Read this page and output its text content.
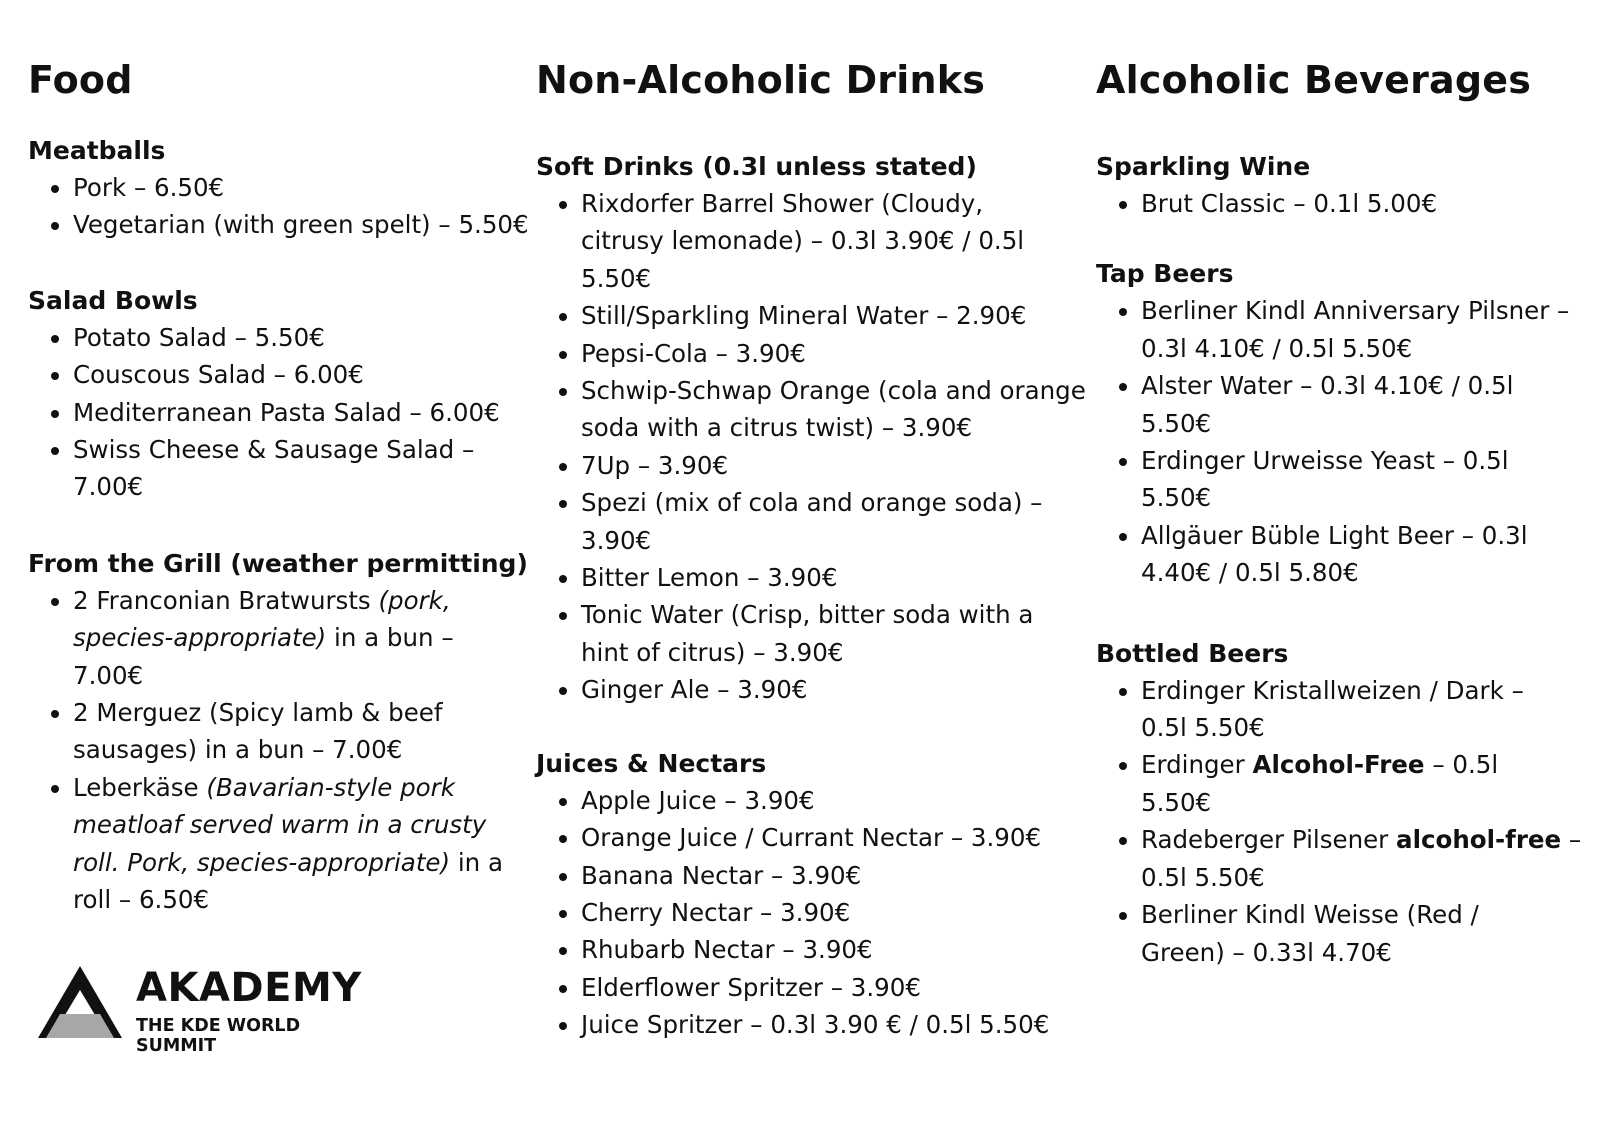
Food
Meatballs
• Pork – 6.50€
• Vegetarian (with green spelt) – 5.50€
Salad Bowls
• Potato Salad – 5.50€
• Couscous Salad – 6.00€
• Mediterranean Pasta Salad – 6.00€
• Swiss Cheese & Sausage Salad – 7.00€
From the Grill (weather permitting)
• 2 Franconian Bratwursts (pork, species-appropriate) in a bun – 7.00€
• 2 Merguez (Spicy lamb & beef sausages) in a bun – 7.00€
• Leberkäse (Bavarian-style pork meatloaf served warm in a crusty roll. Pork, species-appropriate) in a roll – 6.50€
Non-Alcoholic Drinks
Soft Drinks (0.3l unless stated)
• Rixdorfer Barrel Shower (Cloudy, citrusy lemonade) – 0.3l 3.90€ / 0.5l 5.50€
• Still/Sparkling Mineral Water – 2.90€
• Pepsi-Cola – 3.90€
• Schwip-Schwap Orange (cola and orange soda with a citrus twist) – 3.90€
• 7Up – 3.90€
• Spezi (mix of cola and orange soda) – 3.90€
• Bitter Lemon – 3.90€
• Tonic Water (Crisp, bitter soda with a hint of citrus) – 3.90€
• Ginger Ale – 3.90€
Juices & Nectars
• Apple Juice – 3.90€
• Orange Juice / Currant Nectar – 3.90€
• Banana Nectar – 3.90€
• Cherry Nectar – 3.90€
• Rhubarb Nectar – 3.90€
• Elderflower Spritzer – 3.90€
• Juice Spritzer – 0.3l 3.90 € / 0.5l 5.50€
Alcoholic Beverages
Sparkling Wine
• Brut Classic – 0.1l 5.00€
Tap Beers
• Berliner Kindl Anniversary Pilsner – 0.3l 4.10€ / 0.5l 5.50€
• Alster Water – 0.3l 4.10€ / 0.5l 5.50€
• Erdinger Urweisse Yeast – 0.5l 5.50€
• Allgäuer Büble Light Beer – 0.3l 4.40€ / 0.5l 5.80€
Bottled Beers
• Erdinger Kristallweizen / Dark – 0.5l 5.50€
• Erdinger Alcohol-Free – 0.5l 5.50€
• Radeberger Pilsener alcohol-free – 0.5l 5.50€
• Berliner Kindl Weisse (Red / Green) – 0.33l 4.70€
AKADEMY
THE KDE WORLD SUMMIT
